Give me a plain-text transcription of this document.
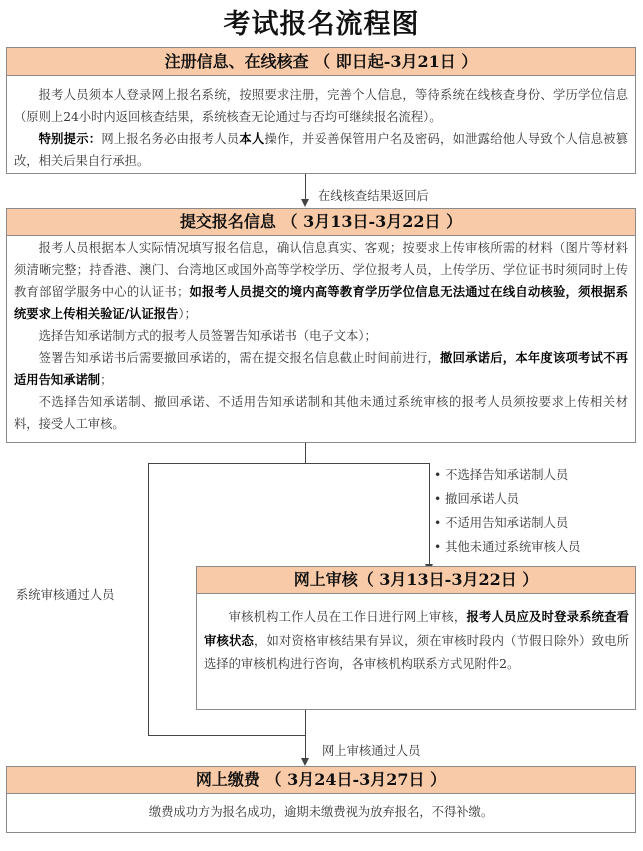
考试报名流程图
注册信息、在线核查 （ 即日起-3月21日 ）

报考人员须本人登录网上报名系统，按照要求注册，完善个人信息，等待系统在线核查身份、学历学位信息（原则上24小时内返回核查结果，系统核查无论通过与否均可继续报名流程）。

特别提示：网上报名务必由报考人员本人操作，并妥善保管用户名及密码，如泄露给他人导致个人信息被篡改，相关后果自行承担。

在线核查结果返回后
提交报名信息 （ 3月13日-3月22日 ）

报考人员根据本人实际情况填写报名信息，确认信息真实、客观；按要求上传审核所需的材料（图片等材料须清晰完整；持香港、澳门、台湾地区或国外高等学校学历、学位报考人员，上传学历、学位证书时须同时上传教育部留学服务中心的认证书；如报考人员提交的境内高等教育学历学位信息无法通过在线自动核验，须根据系统要求上传相关验证/认证报告）；

选择告知承诺制方式的报考人员签署告知承诺书（电子文本）；

签署告知承诺书后需要撤回承诺的，需在提交报名信息截止时间前进行，撤回承诺后，本年度该项考试不再适用告知承诺制；

不选择告知承诺制、撤回承诺、不适用告知承诺制和其他未通过系统审核的报考人员须按要求上传相关材料，接受人工审核。

系统审核通过人员
• 不选择告知承诺制人员
• 撤回承诺人员
• 不适用告知承诺制人员
• 其他未通过系统审核人员
网上审核（ 3月13日-3月22日 ）

审核机构工作人员在工作日进行网上审核，报考人员应及时登录系统查看审核状态，如对资格审核结果有异议，须在审核时段内（节假日除外）致电所选择的审核机构进行咨询，各审核机构联系方式见附件2。

网上审核通过人员
网上缴费 （ 3月24日-3月27日 ）
缴费成功方为报名成功，逾期未缴费视为放弃报名，不得补缴。
